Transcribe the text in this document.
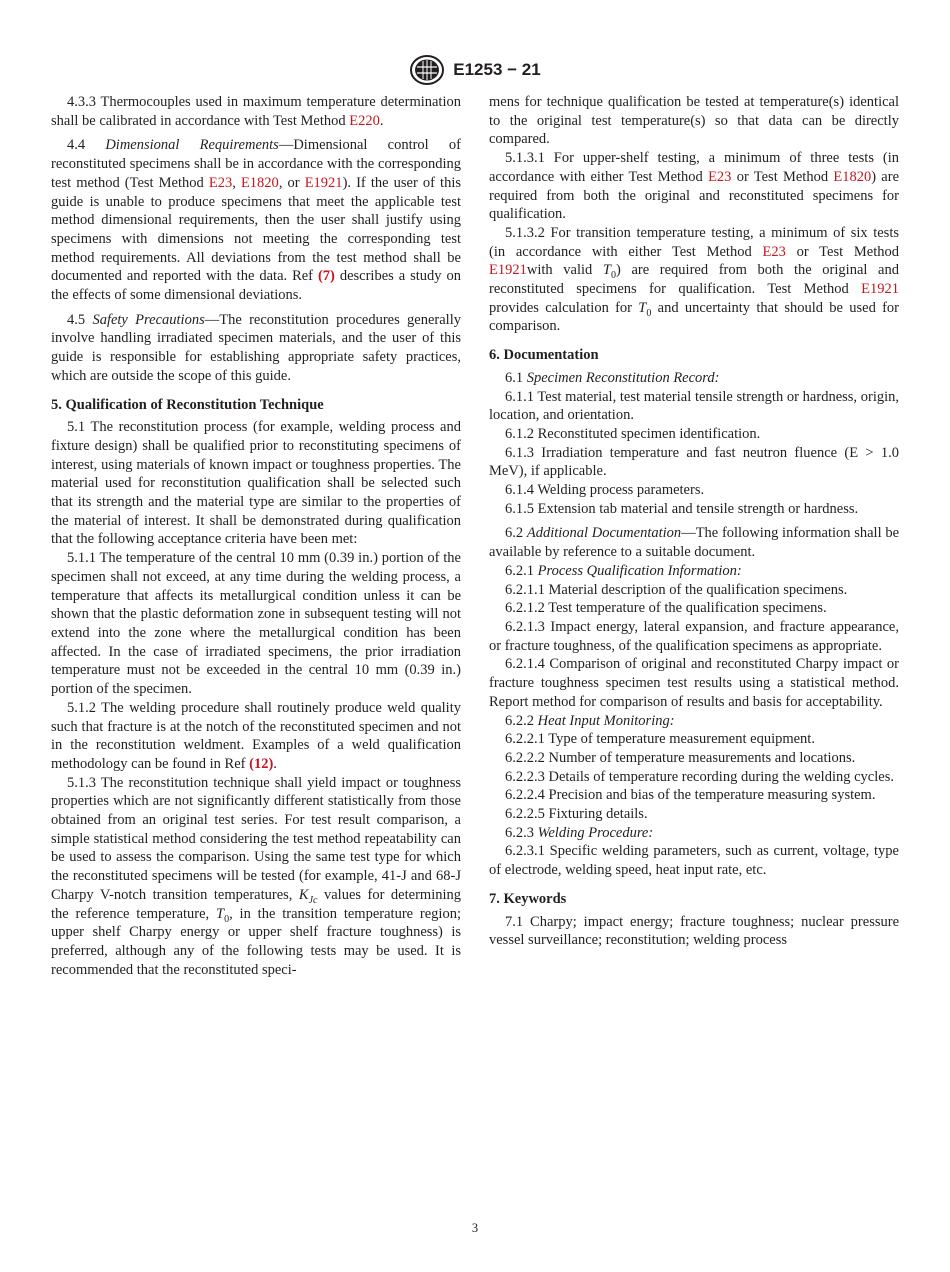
E1253 − 21

4.3.3 Thermocouples used in maximum temperature determination shall be calibrated in accordance with Test Method E220.

4.4 Dimensional Requirements—Dimensional control of reconstituted specimens shall be in accordance with the corresponding test method (Test Method E23, E1820, or E1921). If the user of this guide is unable to produce specimens that meet the applicable test method dimensional requirements, then the user shall justify using specimens with dimensions not meeting the corresponding test method requirements. All deviations from the test method shall be documented and reported with the data. Ref (7) describes a study on the effects of some dimensional deviations.

4.5 Safety Precautions—The reconstitution procedures generally involve handling irradiated specimen materials, and the user of this guide is responsible for establishing appropriate safety practices, which are outside the scope of this guide.

5. Qualification of Reconstitution Technique

5.1 The reconstitution process (for example, welding process and fixture design) shall be qualified prior to reconstituting specimens of interest, using materials of known impact or toughness properties. The material used for reconstitution qualification shall be selected such that its strength and the material type are similar to the properties of the material of interest. It shall be demonstrated during qualification that the following acceptance criteria have been met:

5.1.1 The temperature of the central 10 mm (0.39 in.) portion of the specimen shall not exceed, at any time during the welding process, a temperature that affects its metallurgical condition unless it can be shown that the plastic deformation zone in subsequent testing will not extend into the zone where the metallurgical condition has been affected. In the case of irradiated specimens, the prior irradiation temperature must not be exceeded in the central 10 mm (0.39 in.) portion of the specimen.

5.1.2 The welding procedure shall routinely produce weld quality such that fracture is at the notch of the reconstituted specimen and not in the reconstitution weldment. Examples of a weld qualification methodology can be found in Ref (12).

5.1.3 The reconstitution technique shall yield impact or toughness properties which are not significantly different statistically from those obtained from an original test series. For test result comparison, a simple statistical method considering the test method repeatability can be used to assess the comparison. Using the same test type for which the reconstituted specimens will be tested (for example, 41-J and 68-J Charpy V-notch transition temperatures, $K_{Jc}$ values for determining the reference temperature, $T_0$, in the transition temperature region; upper shelf Charpy energy or upper shelf fracture toughness) is preferred, although any of the following tests may be used. It is recommended that the reconstituted speci-

mens for technique qualification be tested at temperature(s) identical to the original test temperature(s) so that data can be directly compared.

5.1.3.1 For upper-shelf testing, a minimum of three tests (in accordance with either Test Method E23 or Test Method E1820) are required from both the original and reconstituted specimens for qualification.

5.1.3.2 For transition temperature testing, a minimum of six tests (in accordance with either Test Method E23 or Test Method E1921with valid $T_0$) are required from both the original and reconstituted specimens for qualification. Test Method E1921 provides calculation for $T_0$ and uncertainty that should be used for comparison.

6. Documentation

6.1 Specimen Reconstitution Record:

6.1.1 Test material, test material tensile strength or hardness, origin, location, and orientation.

6.1.2 Reconstituted specimen identification.

6.1.3 Irradiation temperature and fast neutron fluence (E > 1.0 MeV), if applicable.

6.1.4 Welding process parameters.

6.1.5 Extension tab material and tensile strength or hardness.

6.2 Additional Documentation—The following information shall be available by reference to a suitable document.

6.2.1 Process Qualification Information:

6.2.1.1 Material description of the qualification specimens.

6.2.1.2 Test temperature of the qualification specimens.

6.2.1.3 Impact energy, lateral expansion, and fracture appearance, or fracture toughness, of the qualification specimens as appropriate.

6.2.1.4 Comparison of original and reconstituted Charpy impact or fracture toughness specimen test results using a statistical method. Report method for comparison of results and basis for acceptability.

6.2.2 Heat Input Monitoring:

6.2.2.1 Type of temperature measurement equipment.

6.2.2.2 Number of temperature measurements and locations.

6.2.2.3 Details of temperature recording during the welding cycles.

6.2.2.4 Precision and bias of the temperature measuring system.

6.2.2.5 Fixturing details.

6.2.3 Welding Procedure:

6.2.3.1 Specific welding parameters, such as current, voltage, type of electrode, welding speed, heat input rate, etc.

7. Keywords

7.1 Charpy; impact energy; fracture toughness; nuclear pressure vessel surveillance; reconstitution; welding process

3
